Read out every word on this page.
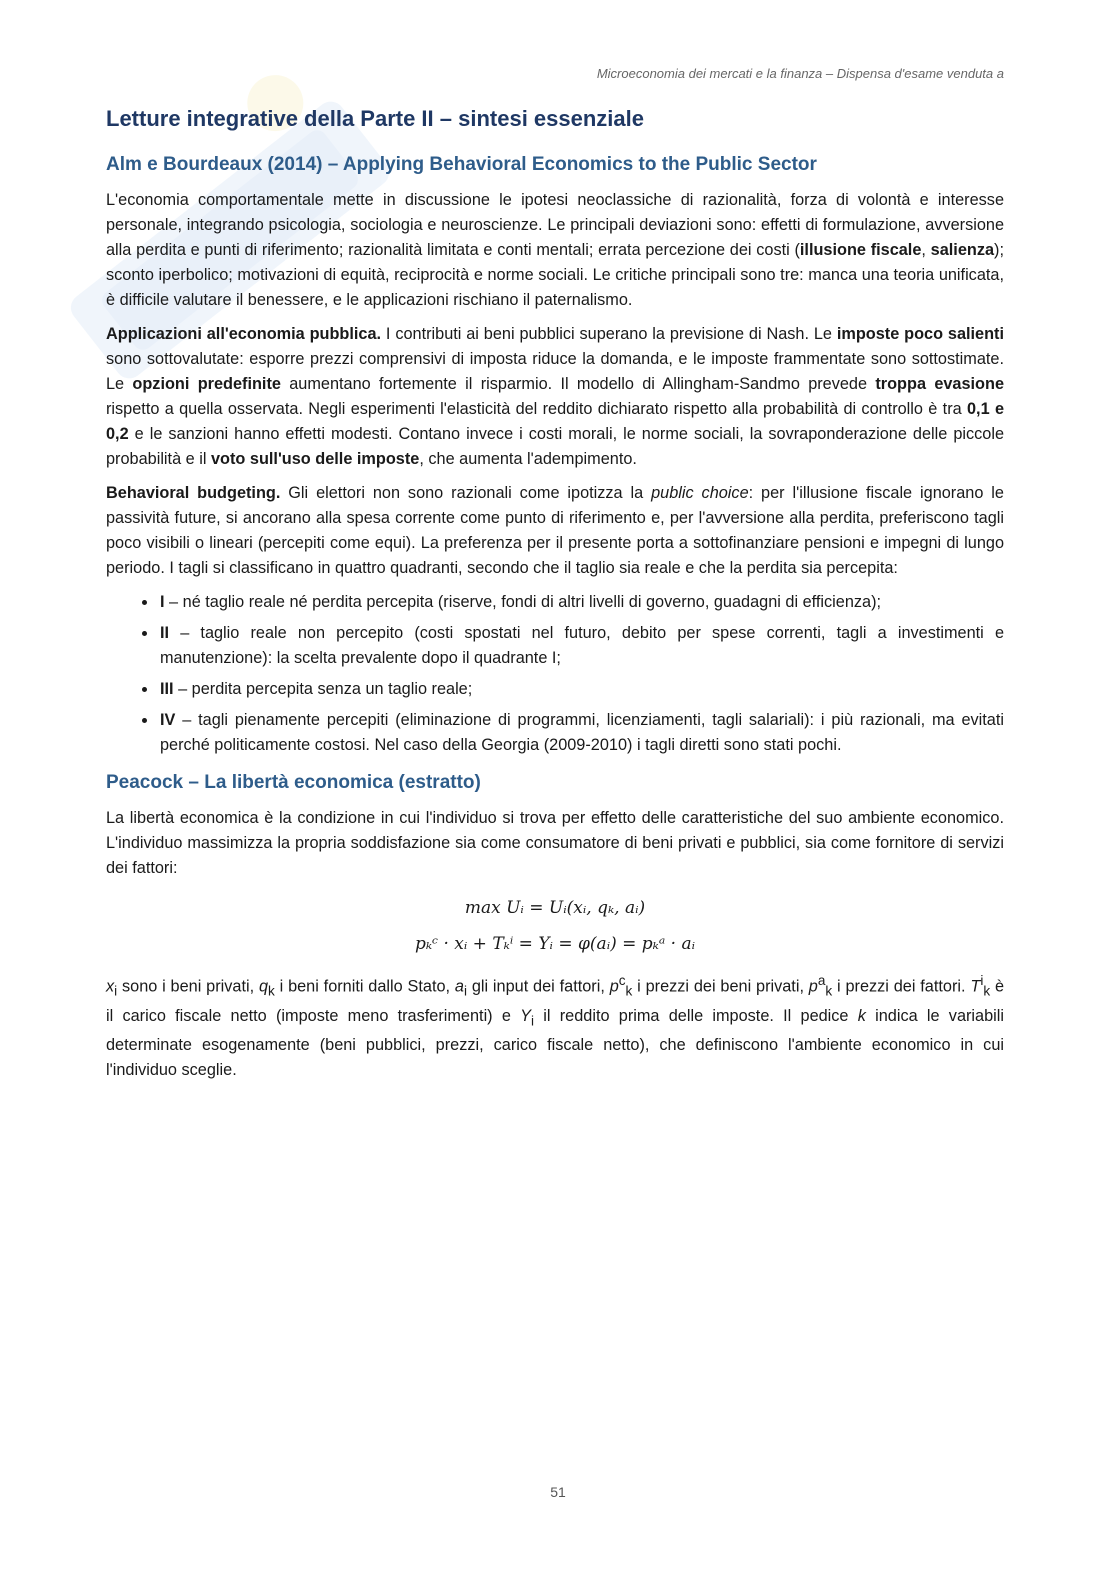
Microeconomia dei mercati e la finanza – Dispensa d'esame venduta a
Letture integrative della Parte II – sintesi essenziale
Alm e Bourdeaux (2014) – Applying Behavioral Economics to the Public Sector

L'economia comportamentale mette in discussione le ipotesi neoclassiche di razionalità, forza di volontà e interesse personale, integrando psicologia, sociologia e neuroscienze. Le principali deviazioni sono: effetti di formulazione, avversione alla perdita e punti di riferimento; razionalità limitata e conti mentali; errata percezione dei costi (illusione fiscale, salienza); sconto iperbolico; motivazioni di equità, reciprocità e norme sociali. Le critiche principali sono tre: manca una teoria unificata, è difficile valutare il benessere, e le applicazioni rischiano il paternalismo.

Applicazioni all'economia pubblica. I contributi ai beni pubblici superano la previsione di Nash. Le imposte poco salienti sono sottovalutate: esporre prezzi comprensivi di imposta riduce la domanda, e le imposte frammentate sono sottostimate. Le opzioni predefinite aumentano fortemente il risparmio. Il modello di Allingham-Sandmo prevede troppa evasione rispetto a quella osservata. Negli esperimenti l'elasticità del reddito dichiarato rispetto alla probabilità di controllo è tra 0,1 e 0,2 e le sanzioni hanno effetti modesti. Contano invece i costi morali, le norme sociali, la sovraponderazione delle piccole probabilità e il voto sull'uso delle imposte, che aumenta l'adempimento.

Behavioral budgeting. Gli elettori non sono razionali come ipotizza la public choice: per l'illusione fiscale ignorano le passività future, si ancorano alla spesa corrente come punto di riferimento e, per l'avversione alla perdita, preferiscono tagli poco visibili o lineari (percepiti come equi). La preferenza per il presente porta a sottofinanziare pensioni e impegni di lungo periodo. I tagli si classificano in quattro quadranti, secondo che il taglio sia reale e che la perdita sia percepita:

• I – né taglio reale né perdita percepita (riserve, fondi di altri livelli di governo, guadagni di efficienza);
• II – taglio reale non percepito (costi spostati nel futuro, debito per spese correnti, tagli a investimenti e manutenzione): la scelta prevalente dopo il quadrante I;
• III – perdita percepita senza un taglio reale;
• IV – tagli pienamente percepiti (eliminazione di programmi, licenziamenti, tagli salariali): i più razionali, ma evitati perché politicamente costosi. Nel caso della Georgia (2009-2010) i tagli diretti sono stati pochi.
Peacock – La libertà economica (estratto)

La libertà economica è la condizione in cui l'individuo si trova per effetto delle caratteristiche del suo ambiente economico. L'individuo massimizza la propria soddisfazione sia come consumatore di beni privati e pubblici, sia come fornitore di servizi dei fattori:

max Uᵢ = Uᵢ(xᵢ, qₖ, aᵢ)
pₖᶜ · xᵢ + Tₖⁱ = Yᵢ = φ(aᵢ) = pₖᵃ · aᵢ

$x_i$ sono i beni privati, $q_k$ i beni forniti dallo Stato, $a_i$ gli input dei fattori, $p^c_k$ i prezzi dei beni privati, $p^a_k$ i prezzi dei fattori. $T^i_k$ è il carico fiscale netto (imposte meno trasferimenti) e $Y_i$ il reddito prima delle imposte. Il pedice k indica le variabili determinate esogenamente (beni pubblici, prezzi, carico fiscale netto), che definiscono l'ambiente economico in cui l'individuo sceglie.

51
